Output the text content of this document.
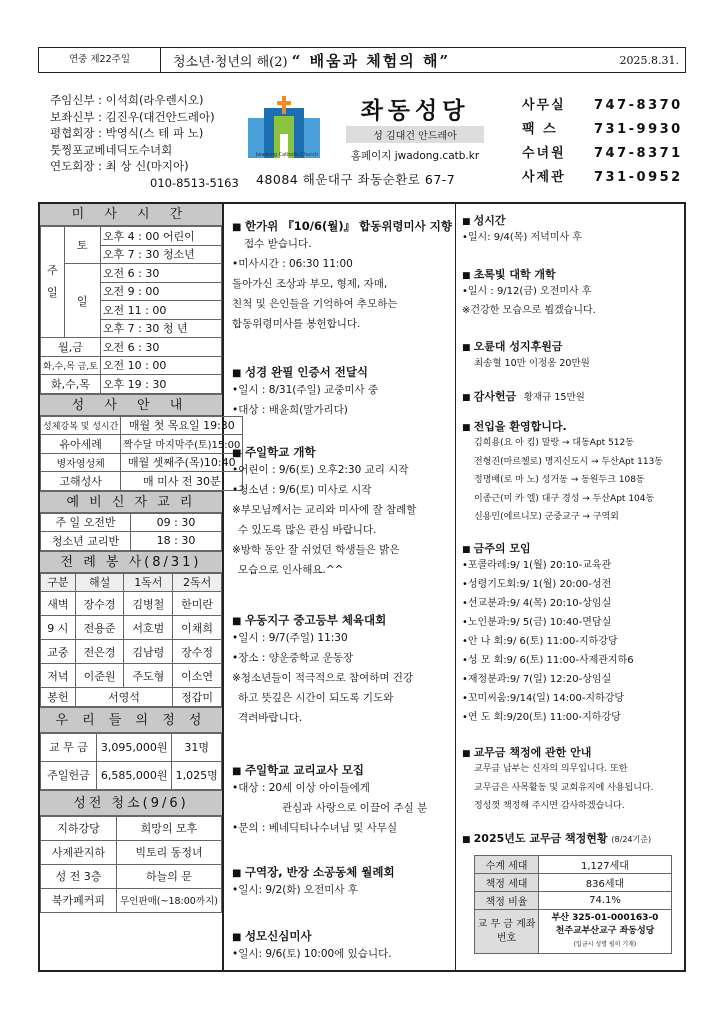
연중 제22주일	청소년·청년의 해(2) “ 배움과 체험의 해”	2025.8.31.
주임신부 : 이석희(라우렌시오)
보좌신부 : 김진우(대건안드레아)
평협회장 : 박영식(스 테 파 노)
툿찡포교베네딕도수녀회
연도회장 : 최 상 신(마지아)
010-8513-5163
Jwadong Catholic Church
좌동성당
성 김대건 안드레아
홈페이지 jwadong.catb.kr
48084 해운대구 좌동순환로 67-7
사무실	747-8370
팩 스	731-9930
수녀원	747-8371
사제관	731-0952
미 사 시 간
주일	토	오후 4 : 00 어린이
		오후 7 : 30 청소년
	일	오전 6 : 30
		오전 9 : 00
		오전 11 : 00
		오후 7 : 30 청 년
월,금		오전 6 : 30
화,수,목 금,토		오전 10 : 00
화,수,목		오후 19 : 30
성 사 안 내
성체강복 및 성시간	매월 첫 목요일 19:30
유아세례	짝수달 마지막주(토)15:00
병자영성체	매월 셋째주(목)10:40
고해성사	매 미사 전 30분
예 비 신 자 교 리
주 일 오전반	09 : 30
청소년 교리반	18 : 30
전 례 봉 사(8/31)
구분	해설	1독서	2독서
새벽	장수경	김병철	한미란
9 시	전용준	서호범	이채희
교중	전은경	김남령	장수정
저녁	이준원	주도형	이소연
봉헌	서영석		정갑미
우 리 들 의 정 성
교 무 금	3,095,000원	31명
주일헌금	6,585,000원	1,025명
성전 청소(9/6)
지하강당	희망의 모후
사제관지하	빅토리 동정녀
성 전 3층	하늘의 문
북카페커피	무인판매(~18:00까지)
■ 한가위 『10/6(월)』 합동위령미사 지향

접수 받습니다.

•미사시간 : 06:30 11:00

돌아가신 조상과 부모, 형제, 자매,

친척 및 은인들을 기억하여 추모하는

합동위령미사를 봉헌합니다.

■ 성경 완필 인증서 전달식

•일시 : 8/31(주일) 교중미사 중

•대상 : 배윤희(말가리다)

■ 주일학교 개학

•어린이 : 9/6(토) 오후2:30 교리 시작

•청소년 : 9/6(토) 미사로 시작

※부모님께서는 교리와 미사에 잘 참례할

수 있도록 많은 관심 바랍니다.

※방학 동안 잘 쉬었던 학생들은 밝은

모습으로 인사해요.^^

■ 우동지구 중고등부 체육대회

•일시 : 9/7(주일) 11:30

•장소 : 양운중학교 운동장

※청소년들이 적극적으로 참여하며 건강

하고 뜻깊은 시간이 되도록 기도와

격려바랍니다.

■ 주일학교 교리교사 모집

•대상 : 20세 이상 아이들에게

관심과 사랑으로 이끌어 주실 분

•문의 : 베네딕티나수녀님 및 사무실

■ 구역장, 반장 소공동체 월례회

•일시: 9/2(화) 오전미사 후

■ 성모신심미사

•일시: 9/6(토) 10:00에 있습니다.

■ 성시간

•일시: 9/4(목) 저녁미사 후

■ 초록빛 대학 개학

•일시 : 9/12(금) 오전미사 후

※건강한 모습으로 뵙겠습니다.

■ 오륜대 성지후원금

최송혈 10만 이정옹 20만원

■ 감사헌금 황재규 15만원
■ 전입을 환영합니다.

김희용(요 아 킴) 말랑 → 대동Apt 512동

전형진(마르첼로) 명지신도시 → 두산Apt 113동

정명배(로 마 노) 성거동 → 동원두크 108동

이종근(미 카 엘) 대구 경성 → 두산Apt 104동

신용민(에르니모) 군중교구 → 구역외

■ 금주의 모임

•포콜라레:9/ 1(월) 20:10-교육관

•성령기도회:9/ 1(월) 20:00-성전

•선교분과:9/ 4(목) 20:10-상임실

•노인분과:9/ 5(금) 10:40-면담실

•안 나 회:9/ 6(토) 11:00-지하강당

•성 모 회:9/ 6(토) 11:00-사제관지하6

•재정분과:9/ 7(일) 12:20-상임실

•꼬미씨움:9/14(일) 14:00-지하강당

•연 도 회:9/20(토) 11:00-지하강당

■ 교무금 책정에 관한 안내

교무금 납부는 신자의 의무입니다. 또한

교무금은 사목활동 및 교회유지에 사용됩니다.

정성껏 책정해 주시면 감사하겠습니다.

■ 2025년도 교무금 책정현황 (8/24기준)
수계 세대	1,127세대
책정 세대	836세대
책정 비율	74.1%
교 무 금 계좌번호	부산 325-01-000163-0
천주교부산교구 좌동성당
(입금시 성명 필히 기재)
